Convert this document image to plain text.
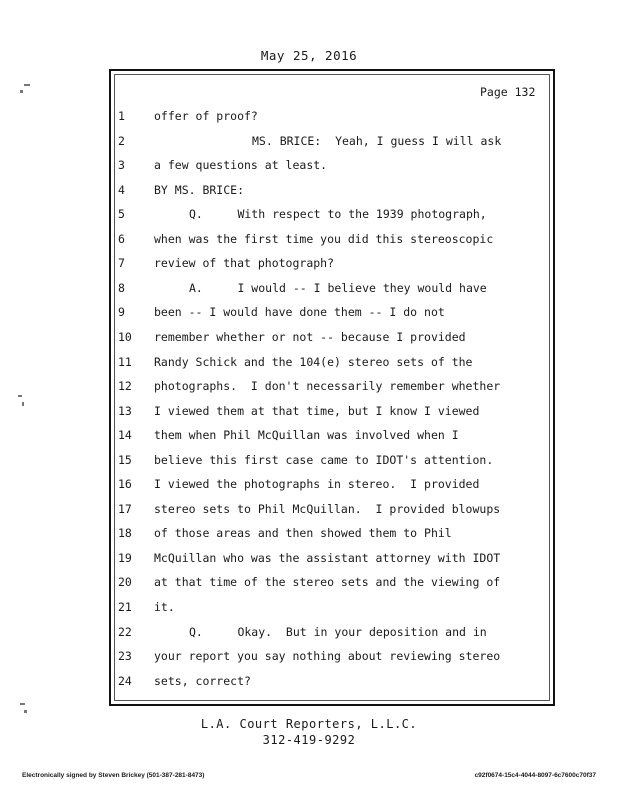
May 25, 2016
Page 132
1	offer of proof?
2	MS. BRICE:  Yeah, I guess I will ask
3	a few questions at least.
4	BY MS. BRICE:
5	Q.     With respect to the 1939 photograph,
6	when was the first time you did this stereoscopic
7	review of that photograph?
8	A.     I would -- I believe they would have
9	been -- I would have done them -- I do not
10	remember whether or not -- because I provided
11	Randy Schick and the 104(e) stereo sets of the
12	photographs.  I don't necessarily remember whether
13	I viewed them at that time, but I know I viewed
14	them when Phil McQuillan was involved when I
15	believe this first case came to IDOT's attention.
16	I viewed the photographs in stereo.  I provided
17	stereo sets to Phil McQuillan.  I provided blowups
18	of those areas and then showed them to Phil
19	McQuillan who was the assistant attorney with IDOT
20	at that time of the stereo sets and the viewing of
21	it.
22	Q.     Okay.  But in your deposition and in
23	your report you say nothing about reviewing stereo
24	sets, correct?
L.A. Court Reporters, L.L.C.
312-419-9292
Electronically signed by Steven Brickey (501-387-281-8473)	c92f0674-15c4-4044-8097-6c7600c70f37
